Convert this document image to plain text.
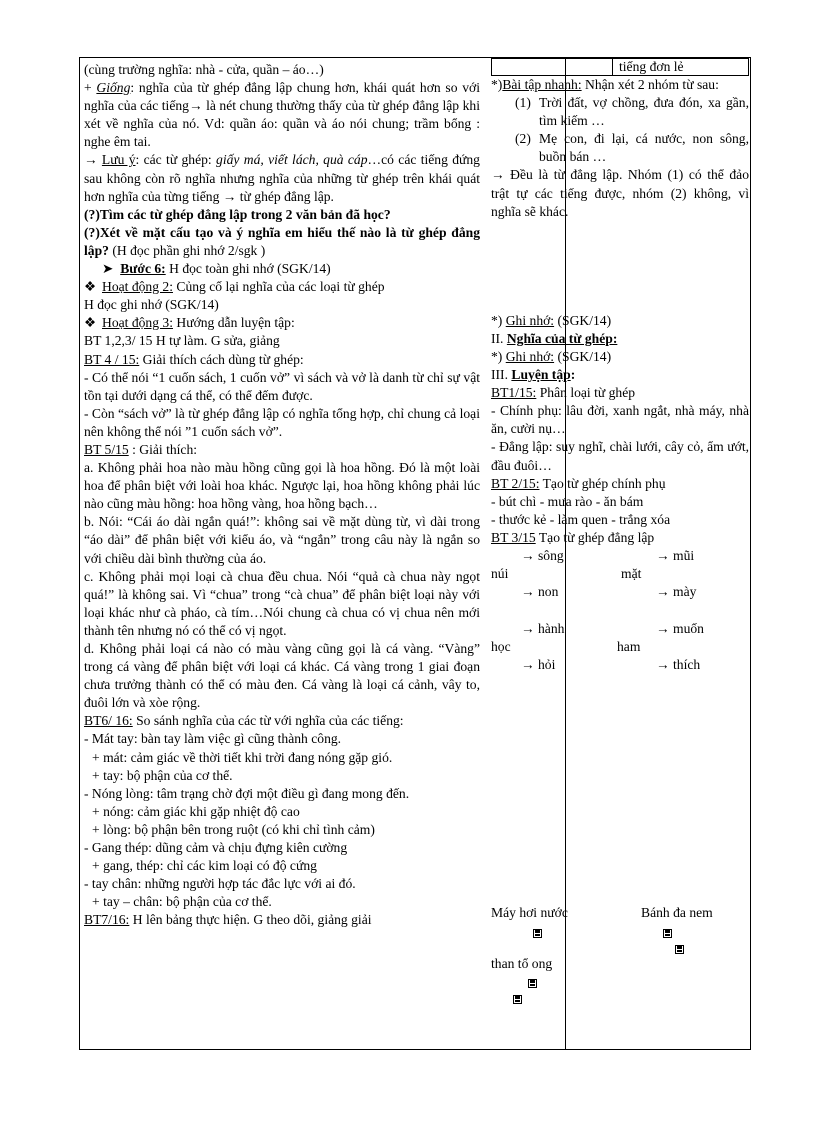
(cùng trường nghĩa: nhà - cửa, quần – áo…)
+ Giống: nghĩa của từ ghép đẳng lập chung hơn, khái quát hơn so với nghĩa của các tiếng→ là nét chung thường thấy của từ ghép đẳng lập khi xét về nghĩa của nó. Vd: quần áo: quần và áo nói chung; trầm bổng : nghe êm tai.
→ Lưu ý: các từ ghép: giấy má, viết lách, quà cáp…có các tiếng đứng sau không còn rõ nghĩa nhưng nghĩa của những từ ghép trên khái quát hơn nghĩa của từng tiếng → từ ghép đẳng lập.
(?)Tìm các từ ghép đẳng lập trong 2 văn bản đã học?
(?)Xét về mặt cấu tạo và ý nghĩa em hiểu thế nào là từ ghép đẳng lập? (H đọc phần ghi nhớ 2/sgk )
➤  Bước 6: H đọc toàn ghi nhớ (SGK/14)
❖ Hoạt động 2: Củng cố lại nghĩa của các loại từ ghép
H đọc ghi nhớ (SGK/14)
❖ Hoạt động 3: Hướng dẫn luyện tập:
BT 1,2,3/ 15 H tự làm. G sửa, giảng
BT 4 / 15: Giải thích cách dùng từ ghép:
- Có thể nói “1 cuốn sách, 1 cuốn vở” vì sách và vở là danh từ chỉ sự vật tồn tại dưới dạng cá thể, có thể đếm được.
- Còn “sách vở” là từ ghép đẳng lập có nghĩa tổng hợp, chỉ chung cả loại nên không thể nói ”1 cuốn sách vở”.
BT 5/15 : Giải thích:
a. Không phải hoa nào màu hồng cũng gọi là hoa hồng. Đó là một loài hoa để phân biệt với loài hoa khác. Ngược lại, hoa hồng không phải lúc nào cũng màu hồng: hoa hồng vàng, hoa hồng bạch…
b. Nói: “Cái áo dài ngắn quá!”: không sai về mặt dùng từ, vì dài trong “áo dài” để phân biệt với kiểu áo, và “ngắn” trong câu này là ngắn so với chiều dài bình thường của áo.
c. Không phải mọi loại cà chua đều chua. Nói “quả cà chua này ngọt quá!” là không sai. Vì “chua” trong “cà chua” để phân biệt loại này với loại khác như cà pháo, cà tím…Nói chung cà chua có vị chua nên mới thành tên nhưng nó có thể có vị ngọt.
d. Không phải loại cá nào có màu vàng cũng gọi là cá vàng. “Vàng” trong cá vàng để phân biệt với loại cá khác. Cá vàng trong 1 giai đoạn chưa trưởng thành có thể có màu đen. Cá vàng là loại cá cảnh, vây to, đuôi lớn và xòe rộng.
BT6/ 16: So sánh nghĩa của các từ với nghĩa của các tiếng:
- Mát tay: bàn tay làm việc gì cũng thành công.
+ mát: cảm giác về thời tiết khi trời đang nóng gặp gió.
+ tay: bộ phận của cơ thể.
- Nóng lòng: tâm trạng chờ đợi một điều gì đang mong đến.
+ nóng: cảm giác khi gặp nhiệt độ cao
+ lòng: bộ phận bên trong ruột (có khi chỉ tình cảm)
- Gang thép: dũng cảm và chịu đựng kiên cường
+ gang, thép: chỉ các kim loại có độ cứng
- tay chân: những người hợp tác đắc lực với ai đó.
+ tay – chân: bộ phận của cơ thể.
BT7/16: H lên bảng thực hiện. G theo dõi, giảng giải
tiếng đơn lẻ
*)Bài tập nhanh: Nhận xét 2 nhóm từ sau:
(1) Trời đất, vợ chồng, đưa đón, xa gần, tìm kiếm …
(2) Mẹ con, đi lại, cá nước, non sông, buồn bán …
→ Đều là từ đẳng lập. Nhóm (1) có thể đảo trật tự các tiếng được, nhóm (2) không, vì nghĩa sẽ khác.
*) Ghi nhớ: (SGK/14)
II. Nghĩa của từ ghép:
*) Ghi nhớ: (SGK/14)
III. Luyện tập:
BT1/15: Phân loại từ ghép
- Chính phụ: lâu đời, xanh ngắt, nhà máy, nhà ăn, cười nụ…
- Đẳng lập: suy nghĩ, chài lưới, cây cỏ, ẩm ướt, đầu đuôi…
BT 2/15: Tạo từ ghép chính phụ
- bút chì - mưa rào - ăn bám
- thước kẻ - làm quen - trắng xóa
BT 3/15 Tạo từ ghép đẳng lập
→ sông	→ mũi
núi	mặt
→ non	→ mày
→ hành	→ muốn
học	ham
→ hỏi	→ thích
Máy hơi nước	Bánh đa nem
than tổ ong
